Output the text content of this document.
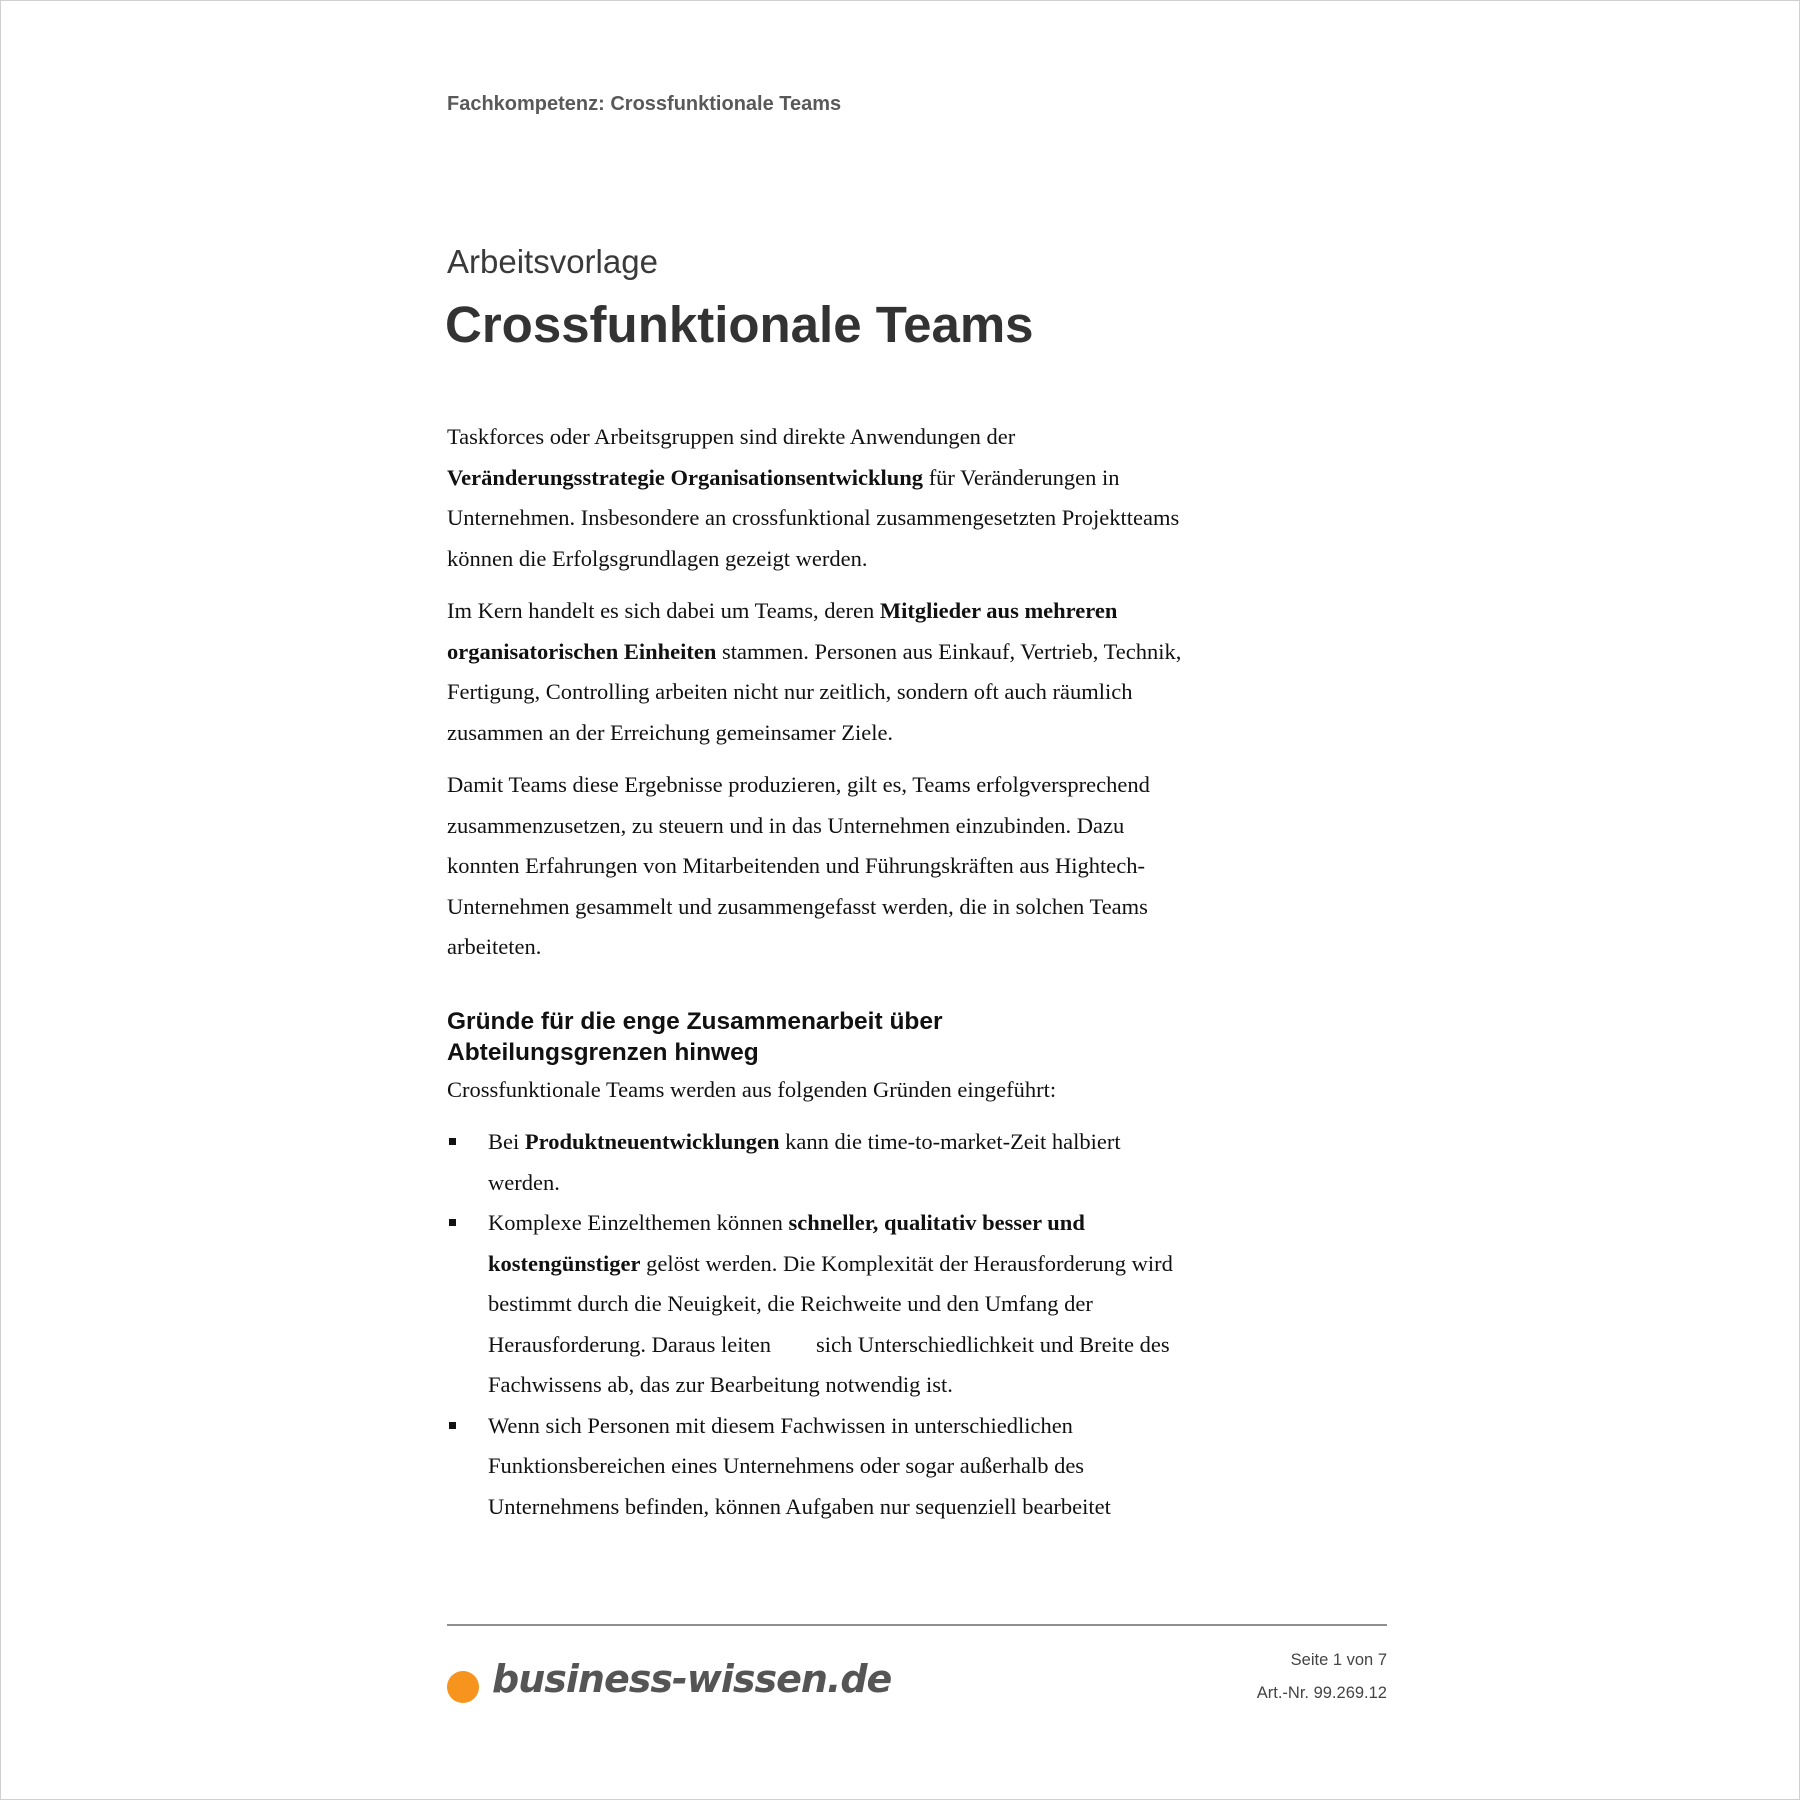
Fachkompetenz: Crossfunktionale Teams
Arbeitsvorlage
Crossfunktionale Teams

Taskforces oder Arbeitsgruppen sind direkte Anwendungen der Veränderungsstrategie Organisationsentwicklung für Veränderungen in Unternehmen. Insbesondere an crossfunktional zusammengesetzten Projektteams können die Erfolgsgrundlagen gezeigt werden.

Im Kern handelt es sich dabei um Teams, deren Mitglieder aus mehreren organisatorischen Einheiten stammen. Personen aus Einkauf, Vertrieb, Technik, Fertigung, Controlling arbeiten nicht nur zeitlich, sondern oft auch räumlich zusammen an der Erreichung gemeinsamer Ziele.

Damit Teams diese Ergebnisse produzieren, gilt es, Teams erfolgversprechend zusammenzusetzen, zu steuern und in das Unternehmen einzubinden. Dazu konnten Erfahrungen von Mitarbeitenden und Führungskräften aus Hightech-Unternehmen gesammelt und zusammengefasst werden, die in solchen Teams arbeiteten.

Gründe für die enge Zusammenarbeit über
Abteilungsgrenzen hinweg

Crossfunktionale Teams werden aus folgenden Gründen eingeführt:

Bei Produktneuentwicklungen kann die time-to-market-Zeit halbiert werden.
Komplexe Einzelthemen können schneller, qualitativ besser und kostengünstiger gelöst werden. Die Komplexität der Herausforderung wird bestimmt durch die Neuigkeit, die Reichweite und den Umfang der Herausforderung. Daraus leiten        sich Unterschiedlichkeit und Breite des Fachwissens ab, das zur Bearbeitung notwendig ist.
Wenn sich Personen mit diesem Fachwissen in unterschiedlichen Funktionsbereichen eines Unternehmens oder sogar außerhalb des Unternehmens befinden, können Aufgaben nur sequenziell bearbeitet
business-wissen.de	Seite 1 von 7
Art.-Nr. 99.269.12
